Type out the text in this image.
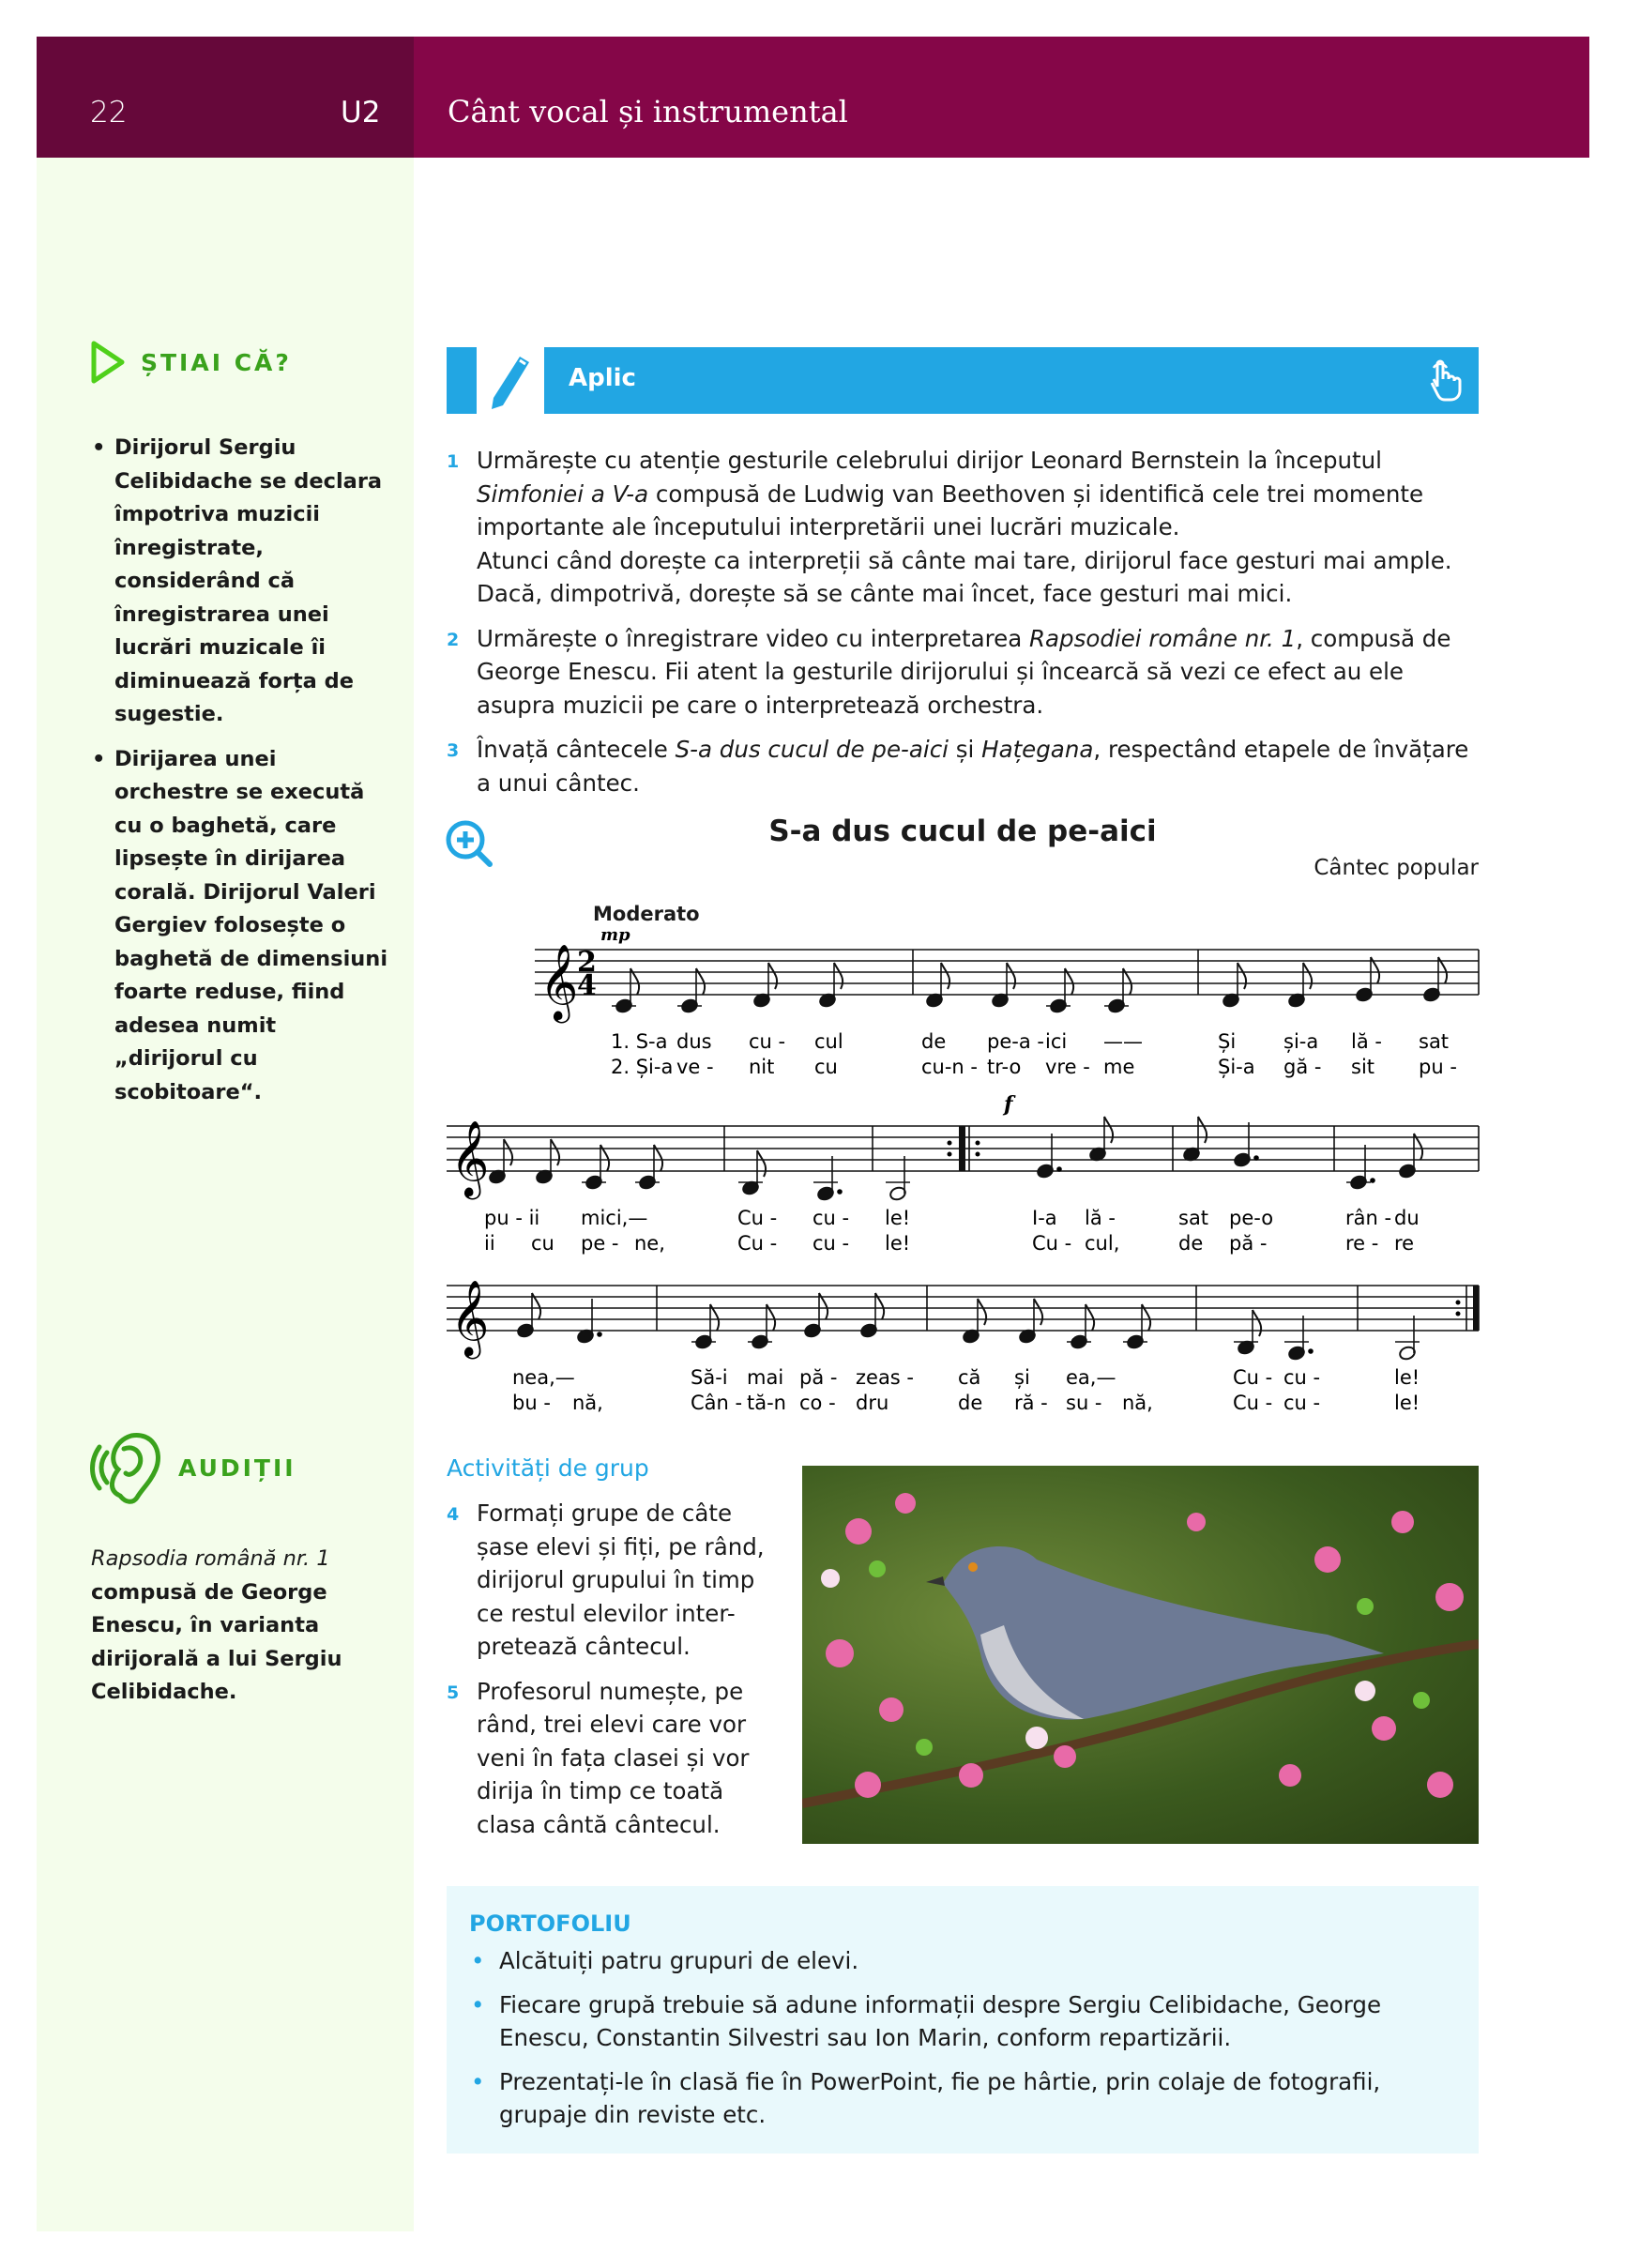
22	U2 Cânt vocal și instrumental
ȘTIAI CĂ?
• Dirijorul Sergiu Celibidache se declara împotriva muzicii înregistrate, considerând că înregistrarea unei lucrări muzicale îi diminuează forța de sugestie.
• Dirijarea unei orchestre se execută cu o baghetă, care lipsește în dirijarea corală. Dirijorul Valeri Gergiev folosește o baghetă de dimensiuni foarte reduse, fiind adesea numit „dirijorul cu scobitoare“.
AUDIȚII
Rapsodia română nr. 1 compusă de George Enescu, în varianta dirijorală a lui Sergiu Celibidache.
Aplic
1 Urmărește cu atenție gesturile celebrului dirijor Leonard Bernstein la începutul Simfoniei a V-a compusă de Ludwig van Beethoven și identifică cele trei momente importante ale începutului interpretării unei lucrări muzicale.
Atunci când dorește ca interpreții să cânte mai tare, dirijorul face gesturi mai ample. Dacă, dimpotrivă, dorește să se cânte mai încet, face gesturi mai mici.
2 Urmărește o înregistrare video cu interpretarea Rapsodiei române nr. 1, compusă de George Enescu. Fii atent la gesturile dirijorului și încearcă să vezi ce efect au ele asupra muzicii pe care o interpretează orchestra.
3 Învață cântecele S-a dus cucul de pe-aici și Hațegana, respectând etapele de învățare a unui cântec.
S-a dus cucul de pe-aici
Cântec popular
Moderato
𝄞
2
4
mp
1. S-a
2. Și-a
dus
ve -
cu -
nit
cul
cu
de
cu-n -
pe-a -
tr-o
ici
vre -
——
me
Și
Și-a
și-a
gă -
lă -
sit
sat
pu -
𝄞
f
pu - ii
ii cu
mici,—
pe - ne,
Cu -
Cu -
cu -
cu -
le!
le!
I-a
Cu -
lă -
cul,
sat
de
pe-o
pă -
rân -
re -
du
re
𝄞
nea,—
bu - nă,
Să-i
Cân -
mai
tă-n
pă -
co -
zeas -
dru
că
de
și
ră -
ea,—
su - nă,
Cu -
Cu -
cu -
cu -
le!
le!
Activități de grup
4 Formați grupe de câte șase elevi și fiți, pe rând, dirijorul grupului în timp ce restul elevilor inter-pretează cântecul.
5 Profesorul numește, pe rând, trei elevi care vor veni în fața clasei și vor dirija în timp ce toată clasa cântă cântecul.
PORTOFOLIU
• Alcătuiți patru grupuri de elevi.
• Fiecare grupă trebuie să adune informații despre Sergiu Celibidache, George Enescu, Constantin Silvestri sau Ion Marin, conform repartizării.
• Prezentați-le în clasă fie în PowerPoint, fie pe hârtie, prin colaje de fotografii, grupaje din reviste etc.
